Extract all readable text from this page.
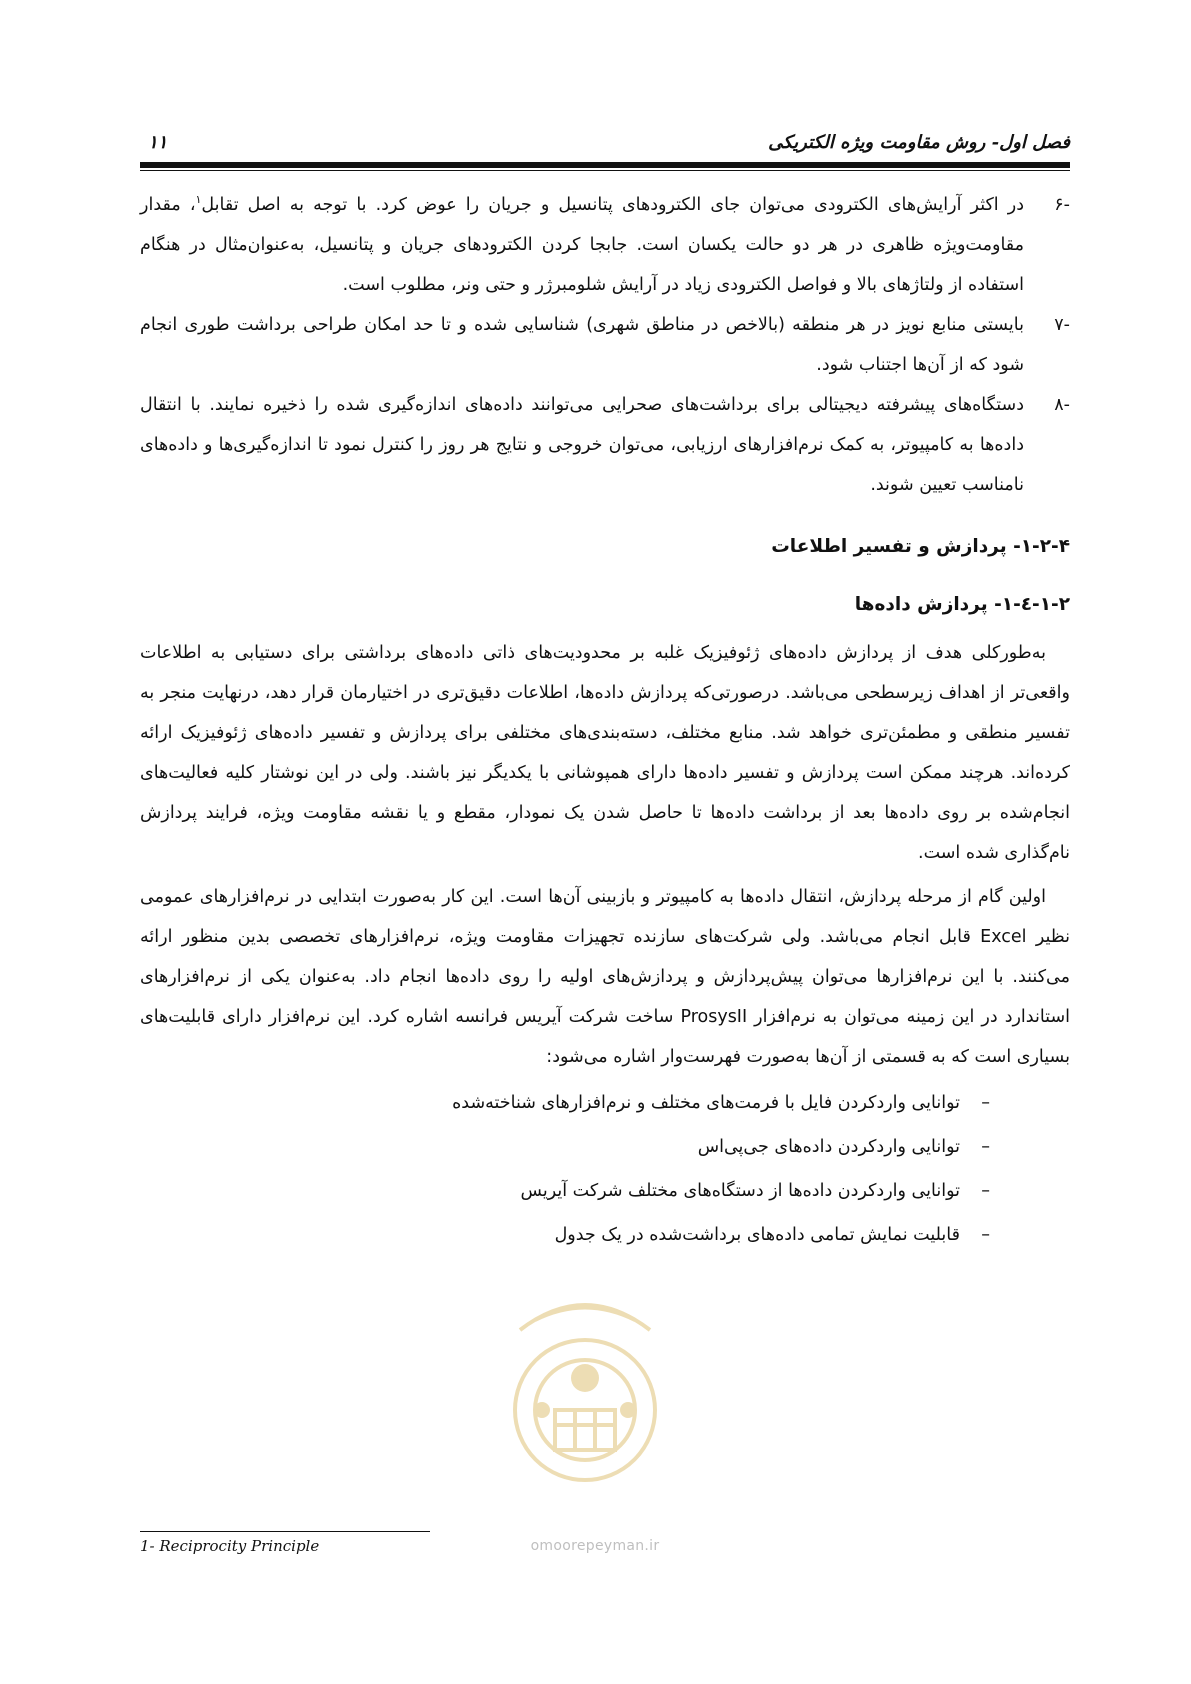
فصل اول- روش مقاومت ویژه الکتریکی
۱۱
-۶
در اکثر آرایش‌های الکترودی می‌توان جای الکترودهای پتانسیل و جریان را عوض کرد. با توجه به اصل تقابل$^۱$، مقدار مقاومت‌ویژه ظاهری در هر دو حالت یکسان است. جابجا کردن الکترودهای جریان و پتانسیل، به‌عنوان‌مثال در هنگام استفاده از ولتاژهای بالا و فواصل الکترودی زیاد در آرایش شلومبرژر و حتی ونر، مطلوب است.
-۷
بایستی منابع نویز در هر منطقه (بالاخص در مناطق شهری) شناسایی شده و تا حد امکان طراحی برداشت طوری انجام شود که از آن‌ها اجتناب شود.
-۸
دستگاه‌های پیشرفته دیجیتالی برای برداشت‌های صحرایی می‌توانند داده‌های اندازه‌گیری شده را ذخیره نمایند. با انتقال داده‌ها به کامپیوتر، به کمک نرم‌افزارهای ارزیابی، می‌توان خروجی و نتایج هر روز را کنترل نمود تا اندازه‌گیری‌ها و داده‌های نامناسب تعیین شوند.
۱-۲-۴- پردازش و تفسیر اطلاعات
۱-۲-٤-۱- پردازش داده‌ها
به‌طورکلی هدف از پردازش داده‌های ژئوفیزیک غلبه بر محدودیت‌های ذاتی داده‌های برداشتی برای دستیابی به اطلاعات واقعی‌تر از اهداف زیرسطحی می‌باشد. درصورتی‌که پردازش داده‌ها، اطلاعات دقیق‌تری در اختیارمان قرار دهد، درنهایت منجر به تفسیر منطقی و مطمئن‌تری خواهد شد. منابع مختلف، دسته‌بندی‌های مختلفی برای پردازش و تفسیر داده‌های ژئوفیزیک ارائه کرده‌اند. هرچند ممکن است پردازش و تفسیر داده‌ها دارای همپوشانی با یکدیگر نیز باشند. ولی در این نوشتار کلیه فعالیت‌های انجام‌شده بر روی داده‌ها بعد از برداشت داده‌ها تا حاصل شدن یک نمودار، مقطع و یا نقشه مقاومت ویژه، فرایند پردازش نام‌گذاری شده است.
اولین گام از مرحله پردازش، انتقال داده‌ها به کامپیوتر و بازبینی آن‌ها است. این کار به‌صورت ابتدایی در نرم‌افزارهای عمومی نظیر Excel قابل انجام می‌باشد. ولی شرکت‌های سازنده تجهیزات مقاومت ویژه، نرم‌افزارهای تخصصی بدین منظور ارائه می‌کنند. با این نرم‌افزارها می‌توان پیش‌پردازش و پردازش‌های اولیه را روی داده‌ها انجام داد. به‌عنوان یکی از نرم‌افزارهای استاندارد در این زمینه می‌توان به نرم‌افزار ProsysII ساخت شرکت آیریس فرانسه اشاره کرد. این نرم‌افزار دارای قابلیت‌های بسیاری است که به قسمتی از آن‌ها به‌صورت فهرست‌وار اشاره می‌شود:
–
توانایی واردکردن فایل با فرمت‌های مختلف و نرم‌افزارهای شناخته‌شده
–
توانایی واردکردن داده‌های جی‌پی‌اس
–
توانایی واردکردن داده‌ها از دستگاه‌های مختلف شرکت آیریس
–
قابلیت نمایش تمامی داده‌های برداشت‌شده در یک جدول
omoorepeyman.ir
1- Reciprocity Principle
